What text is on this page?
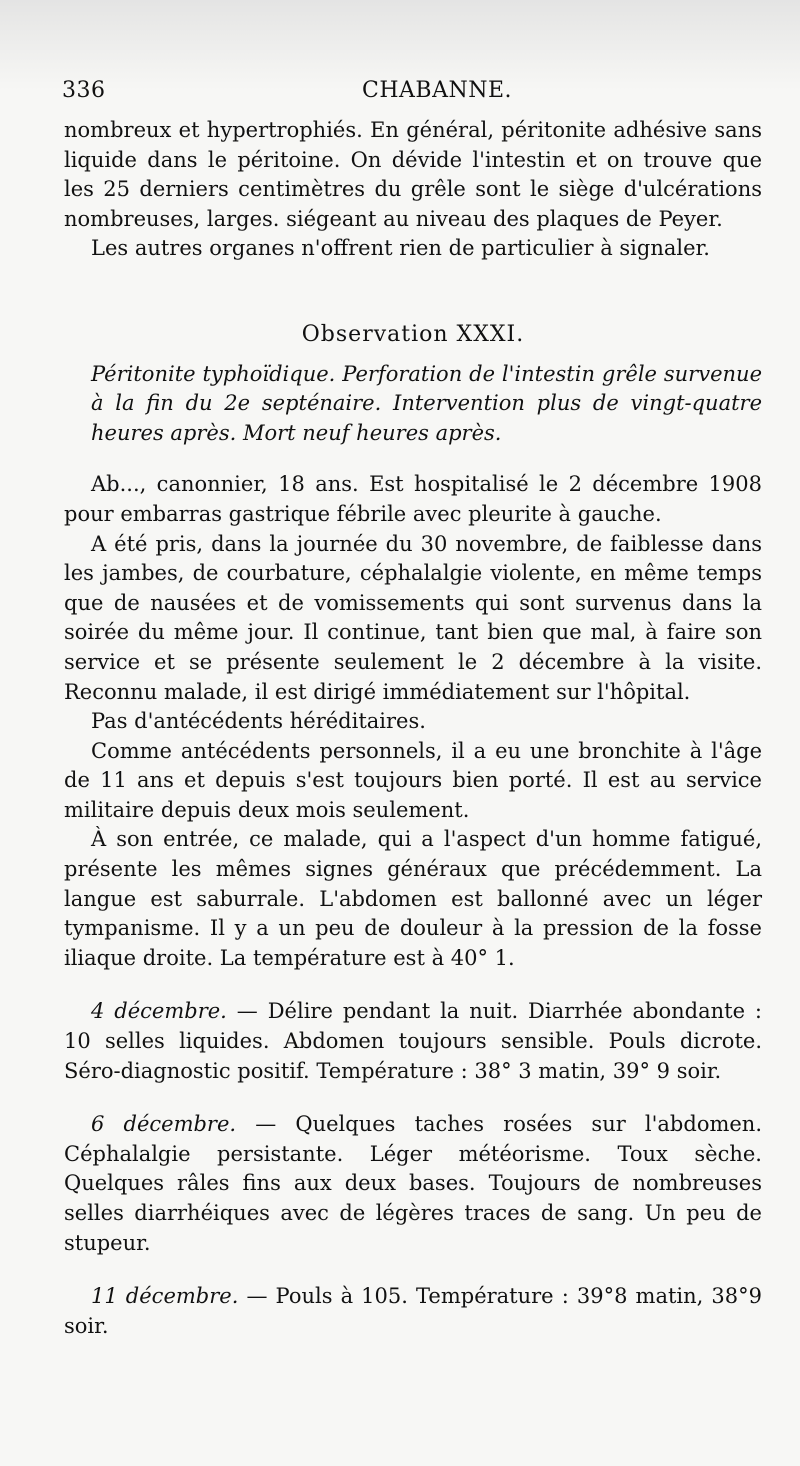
336	CHABANNE.

nombreux et hypertrophiés. En général, péritonite adhésive sans liquide dans le péritoine. On dévide l'intestin et on trouve que les 25 derniers centimètres du grêle sont le siège d'ulcérations nombreuses, larges. siégeant au niveau des plaques de Peyer.

Les autres organes n'offrent rien de particulier à signaler.

Observation XXXI.

Péritonite typhoïdique. Perforation de l'intestin grêle survenue à la fin du 2e septénaire. Intervention plus de vingt-quatre heures après. Mort neuf heures après.

Ab..., canonnier, 18 ans. Est hospitalisé le 2 décembre 1908 pour embarras gastrique fébrile avec pleurite à gauche.

A été pris, dans la journée du 30 novembre, de faiblesse dans les jambes, de courbature, céphalalgie violente, en même temps que de nausées et de vomissements qui sont survenus dans la soirée du même jour. Il continue, tant bien que mal, à faire son service et se présente seulement le 2 décembre à la visite. Reconnu malade, il est dirigé immédiatement sur l'hôpital.

Pas d'antécédents héréditaires.

Comme antécédents personnels, il a eu une bronchite à l'âge de 11 ans et depuis s'est toujours bien porté. Il est au service militaire depuis deux mois seulement.

À son entrée, ce malade, qui a l'aspect d'un homme fatigué, présente les mêmes signes généraux que précédemment. La langue est saburrale. L'abdomen est ballonné avec un léger tympanisme. Il y a un peu de douleur à la pression de la fosse iliaque droite. La température est à 40° 1.

4 décembre. — Délire pendant la nuit. Diarrhée abondante : 10 selles liquides. Abdomen toujours sensible. Pouls dicrote. Séro-diagnostic positif. Température : 38° 3 matin, 39° 9 soir.

6 décembre. — Quelques taches rosées sur l'abdomen. Céphalalgie persistante. Léger météorisme. Toux sèche. Quelques râles fins aux deux bases. Toujours de nombreuses selles diarrhéiques avec de légères traces de sang. Un peu de stupeur.

11 décembre. — Pouls à 105. Température : 39°8 matin, 38°9 soir.
